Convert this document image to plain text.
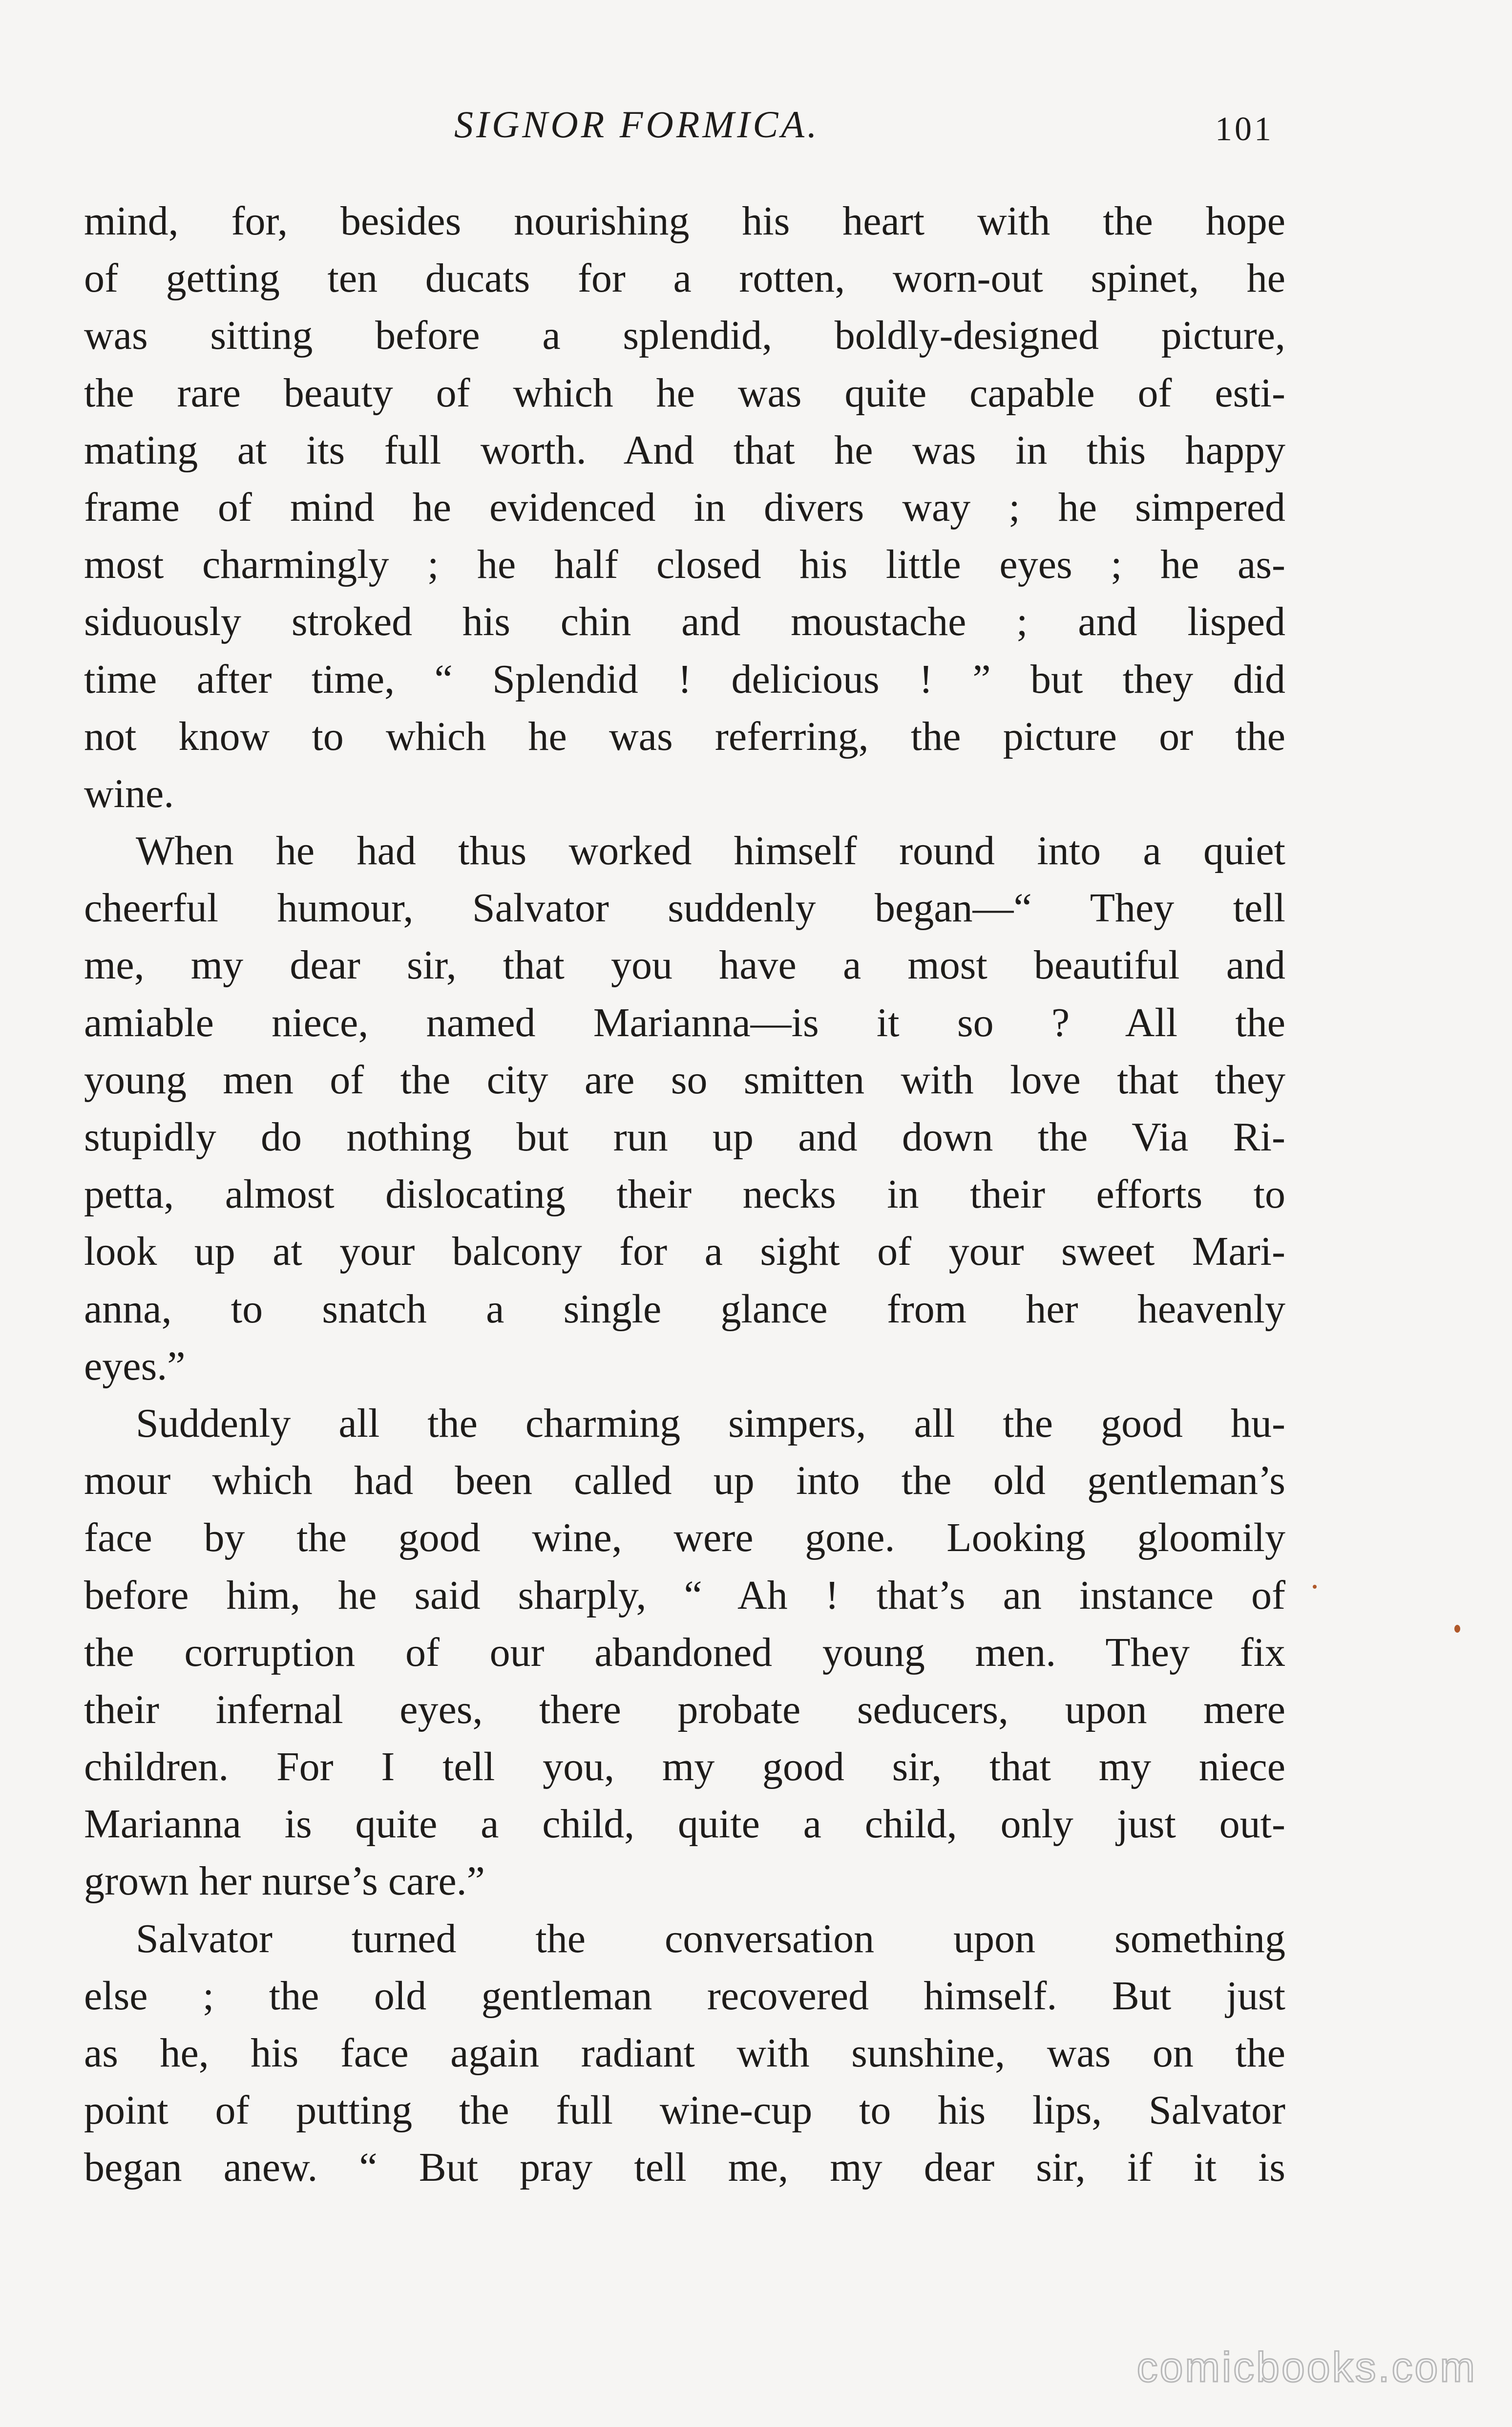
SIGNOR FORMICA.	101
mind, for, besides nourishing his heart with the hope
of getting ten ducats for a rotten, worn-out spinet, he
was sitting before a splendid, boldly-designed picture,
the rare beauty of which he was quite capable of esti-
mating at its full worth. And that he was in this happy
frame of mind he evidenced in divers way ; he simpered
most charmingly ; he half closed his little eyes ; he as-
siduously stroked his chin and moustache ; and lisped
time after time, “ Splendid ! delicious ! ” but they did
not know to which he was referring, the picture or the
wine.
When he had thus worked himself round into a quiet
cheerful humour, Salvator suddenly began—“ They tell
me, my dear sir, that you have a most beautiful and
amiable niece, named Marianna—is it so ? All the
young men of the city are so smitten with love that they
stupidly do nothing but run up and down the Via Ri-
petta, almost dislocating their necks in their efforts to
look up at your balcony for a sight of your sweet Mari-
anna, to snatch a single glance from her heavenly
eyes.”
Suddenly all the charming simpers, all the good hu-
mour which had been called up into the old gentleman’s
face by the good wine, were gone. Looking gloomily
before him, he said sharply, “ Ah ! that’s an instance of
the corruption of our abandoned young men. They fix
their infernal eyes, there probate seducers, upon mere
children. For I tell you, my good sir, that my niece
Marianna is quite a child, quite a child, only just out-
grown her nurse’s care.”
Salvator turned the conversation upon something
else ; the old gentleman recovered himself. But just
as he, his face again radiant with sunshine, was on the
point of putting the full wine-cup to his lips, Salvator
began anew. “ But pray tell me, my dear sir, if it is
comicbooks.com
